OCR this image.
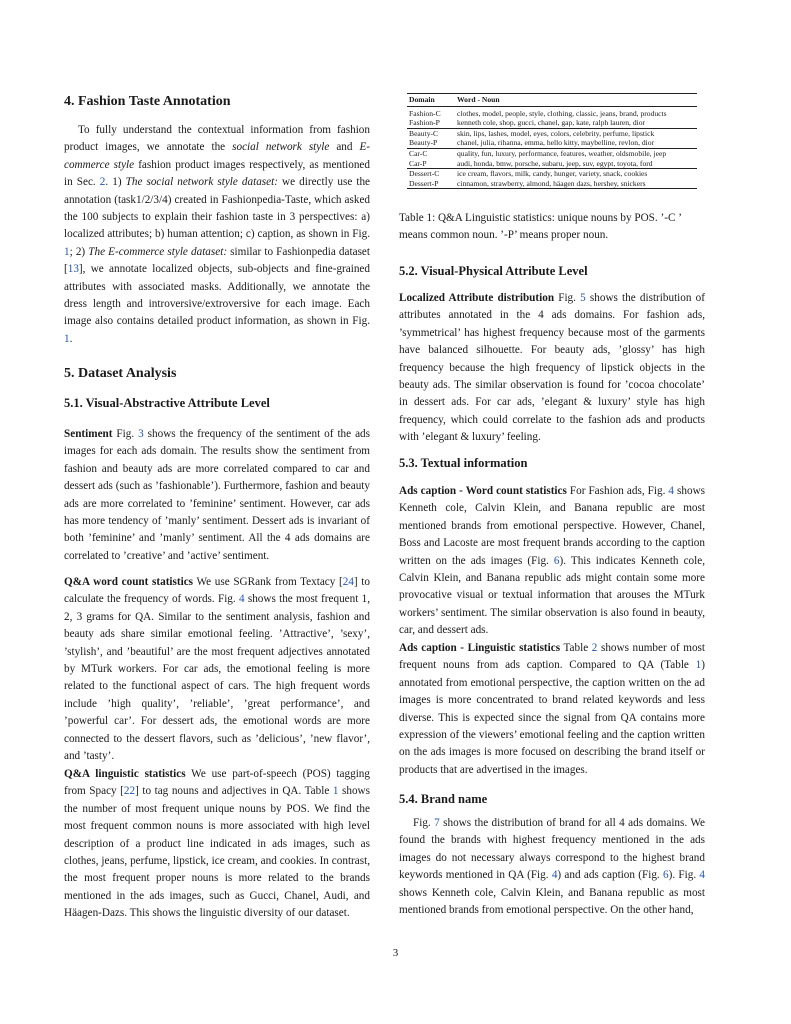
4. Fashion Taste Annotation

To fully understand the contextual information from fashion product images, we annotate the social network style and E-commerce style fashion product images respectively, as mentioned in Sec. 2. 1) The social network style dataset: we directly use the annotation (task1/2/3/4) created in Fashionpedia-Taste, which asked the 100 subjects to explain their fashion taste in 3 perspectives: a) localized attributes; b) human attention; c) caption, as shown in Fig. 1; 2) The E-commerce style dataset: similar to Fashionpedia dataset [13], we annotate localized objects, sub-objects and fine-grained attributes with associated masks. Additionally, we annotate the dress length and introversive/extroversive for each image. Each image also contains detailed product information, as shown in Fig. 1.

5. Dataset Analysis
5.1. Visual-Abstractive Attribute Level

Sentiment Fig. 3 shows the frequency of the sentiment of the ads images for each ads domain. The results show the sentiment from fashion and beauty ads are more correlated compared to car and dessert ads (such as ’fashionable’). Furthermore, fashion and beauty ads are more correlated to ’feminine’ sentiment. However, car ads has more tendency of ’manly’ sentiment. Dessert ads is invariant of both ’feminine’ and ’manly’ sentiment. All the 4 ads domains are correlated to ’creative’ and ’active’ sentiment.

Q&A word count statistics We use SGRank from Textacy [24] to calculate the frequency of words. Fig. 4 shows the most frequent 1, 2, 3 grams for QA. Similar to the sentiment analysis, fashion and beauty ads share similar emotional feeling. ’Attractive’, ’sexy’, ’stylish’, and ’beautiful’ are the most frequent adjectives annotated by MTurk workers. For car ads, the emotional feeling is more related to the functional aspect of cars. The high frequent words include ’high quality’, ’reliable’, ’great performance’, and ’powerful car’. For dessert ads, the emotional words are more connected to the dessert flavors, such as ’delicious’, ’new flavor’, and ’tasty’.

Q&A linguistic statistics We use part-of-speech (POS) tagging from Spacy [22] to tag nouns and adjectives in QA. Table 1 shows the number of most frequent unique nouns by POS. We find the most frequent common nouns is more associated with high level description of a product line indicated in ads images, such as clothes, jeans, perfume, lipstick, ice cream, and cookies. In contrast, the most frequent proper nouns is more related to the brands mentioned in the ads images, such as Gucci, Chanel, Audi, and Häagen-Dazs. This shows the linguistic diversity of our dataset.

Domain	Word - Noun
Fashion-C	clothes, model, people, style, clothing, classic, jeans, brand, products
Fashion-P	kenneth cole, shop, gucci, chanel, gap, kate, ralph lauren, dior
Beauty-C	skin, lips, lashes, model, eyes, colors, celebrity, perfume, lipstick
Beauty-P	chanel, julia, rihanna, emma, hello kitty, maybelline, revlon, dior
Car-C	quality, fun, luxury, performance, features, weather, oldsmobile, jeep
Car-P	audi, honda, bmw, porsche, subaru, jeep, suv, egypt, toyota, ford
Dessert-C	ice cream, flavors, milk, candy, hunger, variety, snack, cookies
Dessert-P	cinnamon, strawberry, almond, häagen dazs, hershey, snickers

Table 1: Q&A Linguistic statistics: unique nouns by POS. ’-C ’ means common noun. ’-P’ means proper noun.

5.2. Visual-Physical Attribute Level

Localized Attribute distribution Fig. 5 shows the distribution of attributes annotated in the 4 ads domains. For fashion ads, ’symmetrical’ has highest frequency because most of the garments have balanced silhouette. For beauty ads, ’glossy’ has high frequency because the high frequency of lipstick objects in the beauty ads. The similar observation is found for ’cocoa chocolate’ in dessert ads. For car ads, ’elegant & luxury’ style has high frequency, which could correlate to the fashion ads and products with ’elegant & luxury’ feeling.

5.3. Textual information

Ads caption - Word count statistics For Fashion ads, Fig. 4 shows Kenneth cole, Calvin Klein, and Banana republic are most mentioned brands from emotional perspective. However, Chanel, Boss and Lacoste are most frequent brands according to the caption written on the ads images (Fig. 6). This indicates Kenneth cole, Calvin Klein, and Banana republic ads might contain some more provocative visual or textual information that arouses the MTurk workers’ sentiment. The similar observation is also found in beauty, car, and dessert ads.

Ads caption - Linguistic statistics Table 2 shows number of most frequent nouns from ads caption. Compared to QA (Table 1) annotated from emotional perspective, the caption written on the ad images is more concentrated to brand related keywords and less diverse. This is expected since the signal from QA contains more expression of the viewers’ emotional feeling and the caption written on the ads images is more focused on describing the brand itself or products that are advertised in the images.

5.4. Brand name

Fig. 7 shows the distribution of brand for all 4 ads domains. We found the brands with highest frequency mentioned in the ads images do not necessary always correspond to the highest brand keywords mentioned in QA (Fig. 4) and ads caption (Fig. 6). Fig. 4 shows Kenneth cole, Calvin Klein, and Banana republic as most mentioned brands from emotional perspective. On the other hand,

3
